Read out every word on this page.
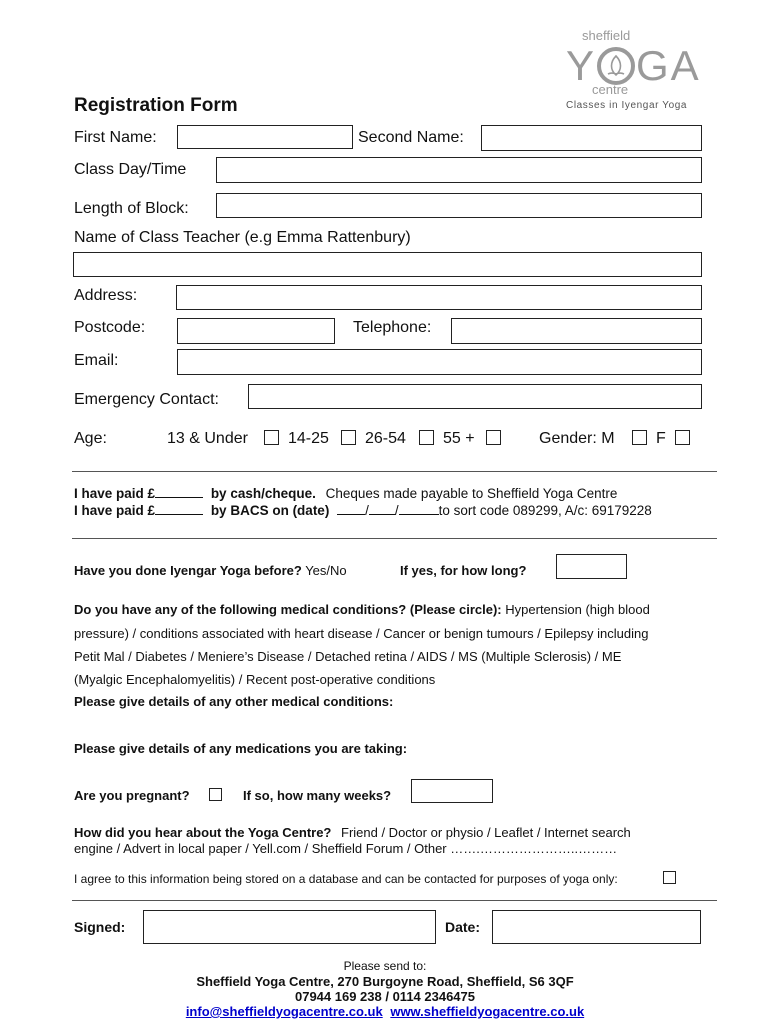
sheffield
Y GA
centre
Classes in Iyengar Yoga
Registration Form
First Name:	Second Name:
Class Day/Time
Length of Block:
Name of Class Teacher (e.g Emma Rattenbury)
Address:
Postcode:	Telephone:
Email:
Emergency Contact:
Age:	13 & Under	14-25 26-54 55 +	Gender: M	F
I have paid £	by cash/cheque. Cheques made payable to Sheffield Yoga Centre
I have paid £	by BACS on (date)	/ /	to sort code 089299, A/c: 69179228
Have you done Iyengar Yoga before? Yes/No	If yes, for how long?
Do you have any of the following medical conditions? (Please circle): Hypertension (high blood
pressure) / conditions associated with heart disease / Cancer or benign tumours / Epilepsy including
Petit Mal / Diabetes / Meniere’s Disease / Detached retina / AIDS / MS (Multiple Sclerosis) / ME
(Myalgic Encephalomyelitis) / Recent post-operative conditions
Please give details of any other medical conditions:
Please give details of any medications you are taking:
Are you pregnant?	If so, how many weeks?
How did you hear about the Yoga Centre? Friend / Doctor or physio / Leaflet / Internet search
engine / Advert in local paper / Yell.com / Sheffield Forum / Other …….…………………..………
I agree to this information being stored on a database and can be contacted for purposes of yoga only:
Signed:	Date:
Please send to:
Sheffield Yoga Centre, 270 Burgoyne Road, Sheffield, S6 3QF
07944 169 238 / 0114 2346475
info@sheffieldyogacentre.co.uk www.sheffieldyogacentre.co.uk
